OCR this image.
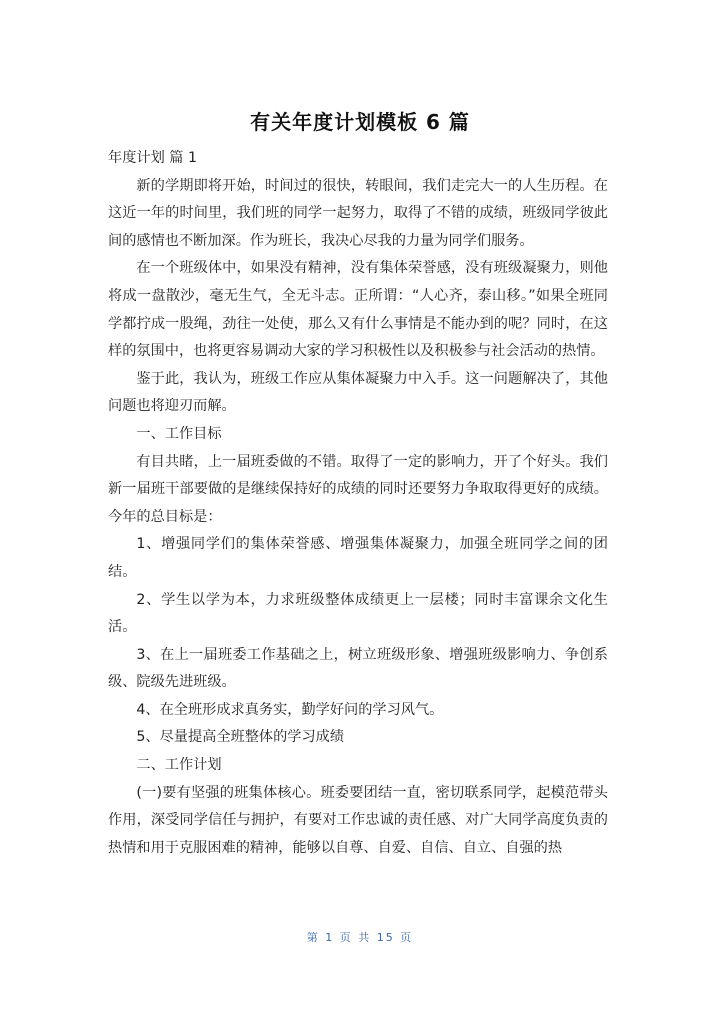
有关年度计划模板 6 篇

年度计划 篇 1

新的学期即将开始，时间过的很快，转眼间，我们走完大一的人生历程。在这近一年的时间里，我们班的同学一起努力，取得了不错的成绩，班级同学彼此间的感情也不断加深。作为班长，我决心尽我的力量为同学们服务。

在一个班级体中，如果没有精神，没有集体荣誉感，没有班级凝聚力，则他将成一盘散沙，毫无生气，全无斗志。正所谓：“人心齐，泰山移。”如果全班同学都拧成一股绳，劲往一处使，那么又有什么事情是不能办到的呢？同时，在这样的氛围中，也将更容易调动大家的学习积极性以及积极参与社会活动的热情。

鉴于此，我认为，班级工作应从集体凝聚力中入手。这一问题解决了，其他问题也将迎刃而解。

一、工作目标

有目共睹，上一届班委做的不错。取得了一定的影响力，开了个好头。我们新一届班干部要做的是继续保持好的成绩的同时还要努力争取取得更好的成绩。今年的总目标是：

1、增强同学们的集体荣誉感、增强集体凝聚力，加强全班同学之间的团结。

2、学生以学为本，力求班级整体成绩更上一层楼；同时丰富课余文化生活。

3、在上一届班委工作基础之上，树立班级形象、增强班级影响力、争创系级、院级先进班级。

4、在全班形成求真务实，勤学好问的学习风气。

5、尽量提高全班整体的学习成绩

二、工作计划

(一)要有坚强的班集体核心。班委要团结一直，密切联系同学，起模范带头作用，深受同学信任与拥护，有要对工作忠诚的责任感、对广大同学高度负责的热情和用于克服困难的精神，能够以自尊、自爱、自信、自立、自强的热

第 1 页 共 15 页
